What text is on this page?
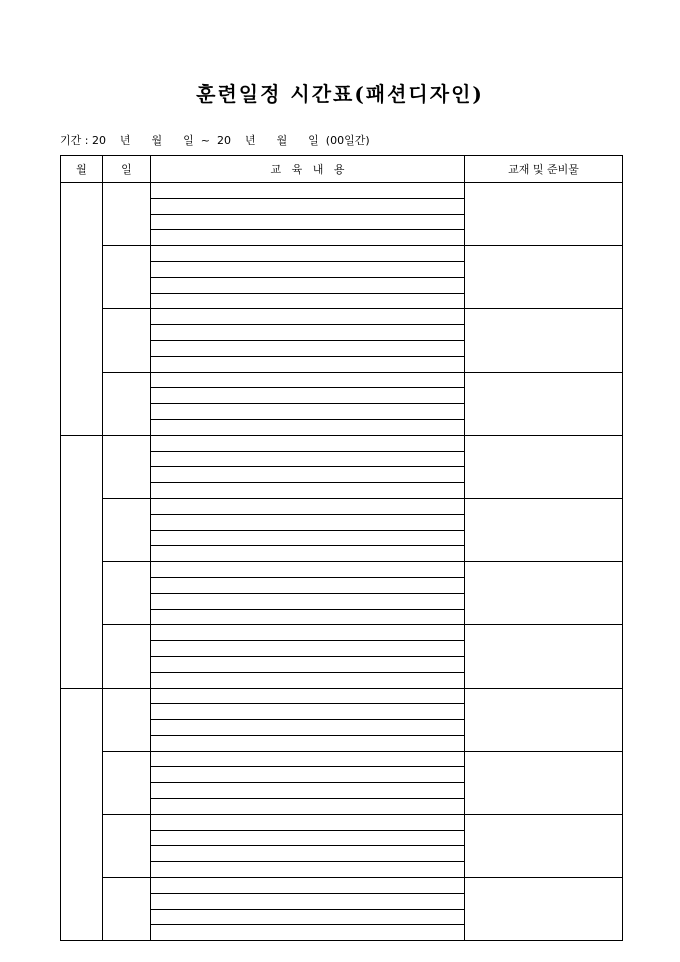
훈련일정 시간표(패션디자인)
기간 : 20    년      월      일  ~  20    년      월      일  (00일간)
월	일	교   육   내   용	교재 및 준비물
